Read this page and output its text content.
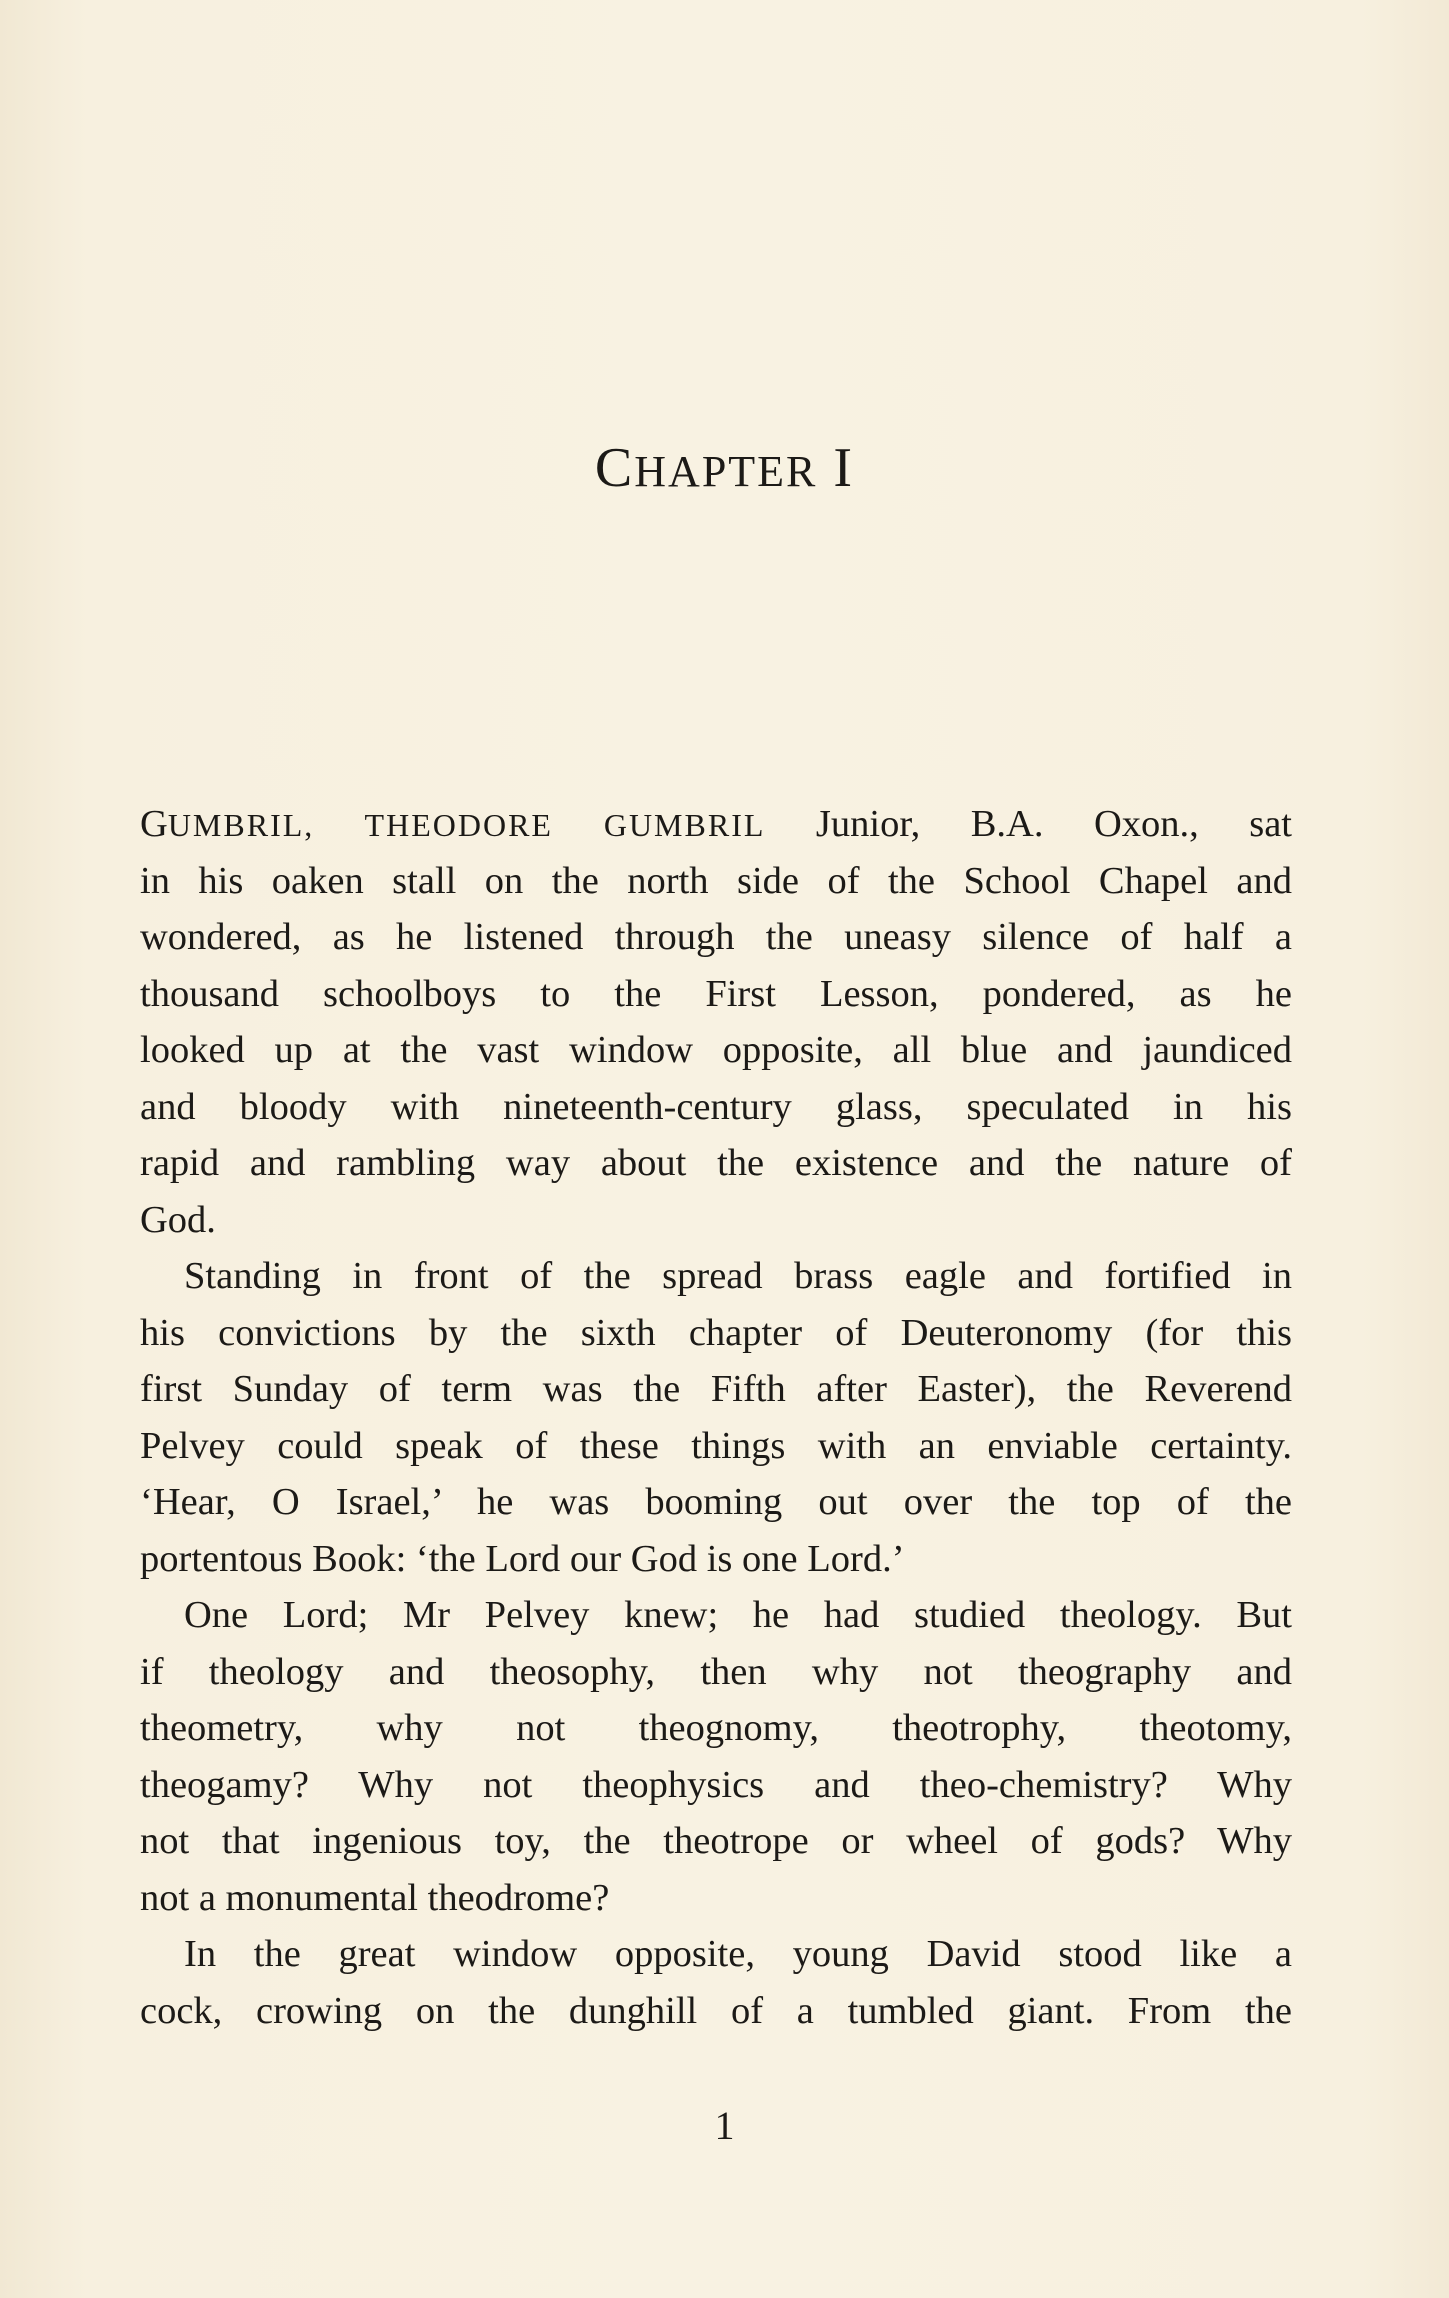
CHAPTER I
GUMBRIL, THEODORE GUMBRIL Junior, B.A. Oxon., sat
in his oaken stall on the north side of the School Chapel and
wondered, as he listened through the uneasy silence of half a
thousand schoolboys to the First Lesson, pondered, as he
looked up at the vast window opposite, all blue and jaundiced
and bloody with nineteenth-century glass, speculated in his
rapid and rambling way about the existence and the nature of
God.
Standing in front of the spread brass eagle and fortified in
his convictions by the sixth chapter of Deuteronomy (for this
first Sunday of term was the Fifth after Easter), the Reverend
Pelvey could speak of these things with an enviable certainty.
‘Hear, O Israel,’ he was booming out over the top of the
portentous Book: ‘the Lord our God is one Lord.’
One Lord; Mr Pelvey knew; he had studied theology. But
if theology and theosophy, then why not theography and
theometry, why not theognomy, theotrophy, theotomy,
theogamy? Why not theophysics and theo-chemistry? Why
not that ingenious toy, the theotrope or wheel of gods? Why
not a monumental theodrome?
In the great window opposite, young David stood like a
cock, crowing on the dunghill of a tumbled giant. From the
1
